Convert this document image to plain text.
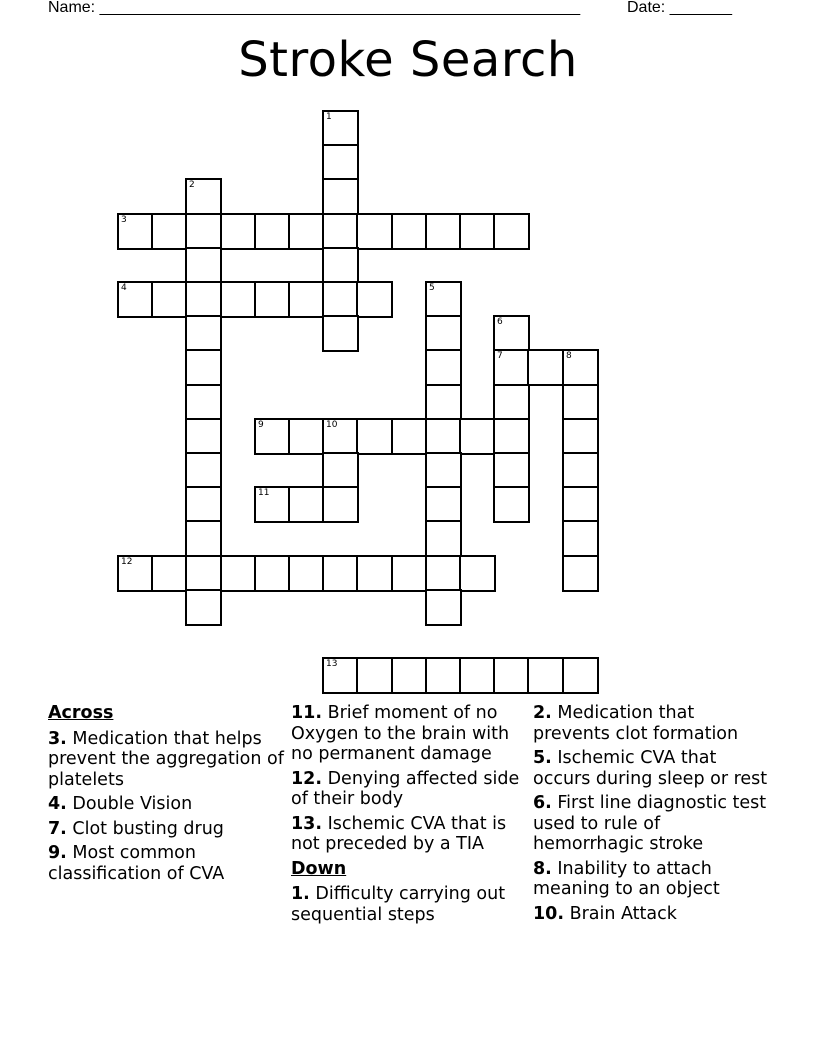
Name: ______________________________________________________	Date: _______
Stroke Search
1
2
3
4	5
6
7	8
9	10
11
12
13
Across
3. Medication that helps prevent the aggregation of platelets
4. Double Vision
7. Clot busting drug
9. Most common classification of CVA
11. Brief moment of no Oxygen to the brain with no permanent damage
12. Denying affected side of their body
13. Ischemic CVA that is not preceded by a TIA
Down
1. Difficulty carrying out sequential steps
2. Medication that prevents clot formation
5. Ischemic CVA that occurs during sleep or rest
6. First line diagnostic test used to rule of hemorrhagic stroke
8. Inability to attach meaning to an object
10. Brain Attack
